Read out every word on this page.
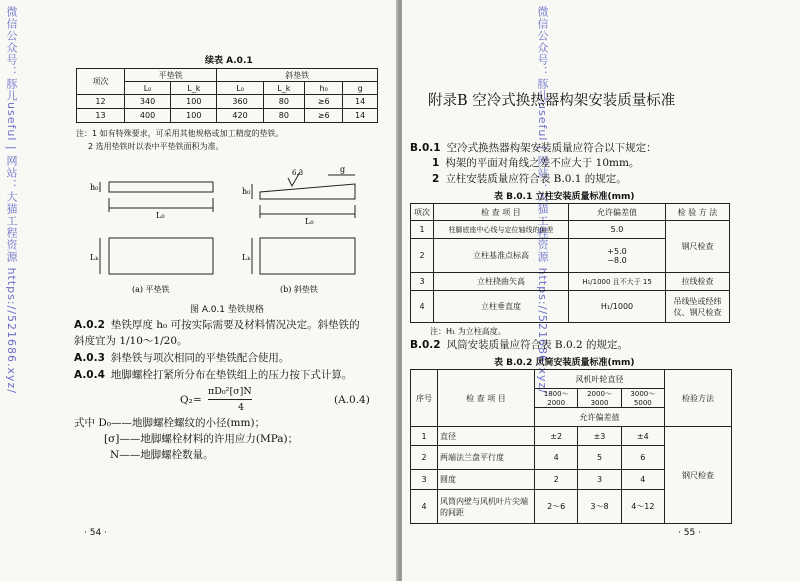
微信公众号：豚儿useful | 网站：大猫工程资源 https://521686.xyz/	续表 A.0.1
项次	平垫铁		斜垫铁			
	L₀	L_k	L₀	L_k	h₀	g
12	340	100	360	80	≥6	14
13	400	100	420	80	≥6	14
注：1 如有特殊要求，可采用其他规格或加工精度的垫铁。
2 选用垫铁时以表中平垫铁面积为准。
h₀
L₀
Lₖ
h₀
L₀
Lₖ
g
6.3
(a) 平垫铁	(b) 斜垫铁
图 A.0.1 垫铁规格
A.0.2 垫铁厚度 h₀ 可按实际需要及材料情况决定。斜垫铁的
斜度宜为 1/10～1/20。
A.0.3 斜垫铁与项次相同的平垫铁配合使用。
A.0.4 地脚螺栓打紧所分布在垫铁组上的压力按下式计算。
Q₂=
πD₀²[σ]N
4
(A.0.4)
式中 D₀——地脚螺栓螺纹的小径(mm)；
[σ]——地脚螺栓材料的许用应力(MPa)；
N——地脚螺栓数量。
· 54 ·
微信公众号：豚儿useful | 网站：大猫工程资源 https://521686.xyz/
附录B 空冷式换热器构架安装质量标准
B.0.1 空冷式换热器构架安装质量应符合以下规定：
1 构架的平面对角线之差不应大于 10mm。
2 立柱安装质量应符合表 B.0.1 的规定。
表 B.0.1 立柱安装质量标准(mm)
项次	检 查 项 目	允许偏差值	检 验 方 法
1	柱脚底座中心线与定位轴线的偏差	5.0	钢尺检查
2	立柱基准点标高	+5.0
−8.0	

3	立柱挠曲矢高	H₁/1000 且不大于 15	拉线检查
4	立柱垂直度	H₁/1000	吊线坠或经纬仪、钢尺检查
注：H₁ 为立柱高度。
B.0.2 风筒安装质量应符合表 B.0.2 的规定。
表 B.0.2 风筒安装质量标准(mm)
序号	检 查 项 目	风机叶轮直径			检验方法
		1800～2000	2000～3000	3000～5000	
		允许偏差值			
1	直径	±2	±3	±4	钢尺检查
2	两端法兰盘平行度	4	5	6	
3	圆度	2	3	4	
4	风筒内壁与风机叶片尖端的间距	2～6	3～8	4～12	
· 55 ·
